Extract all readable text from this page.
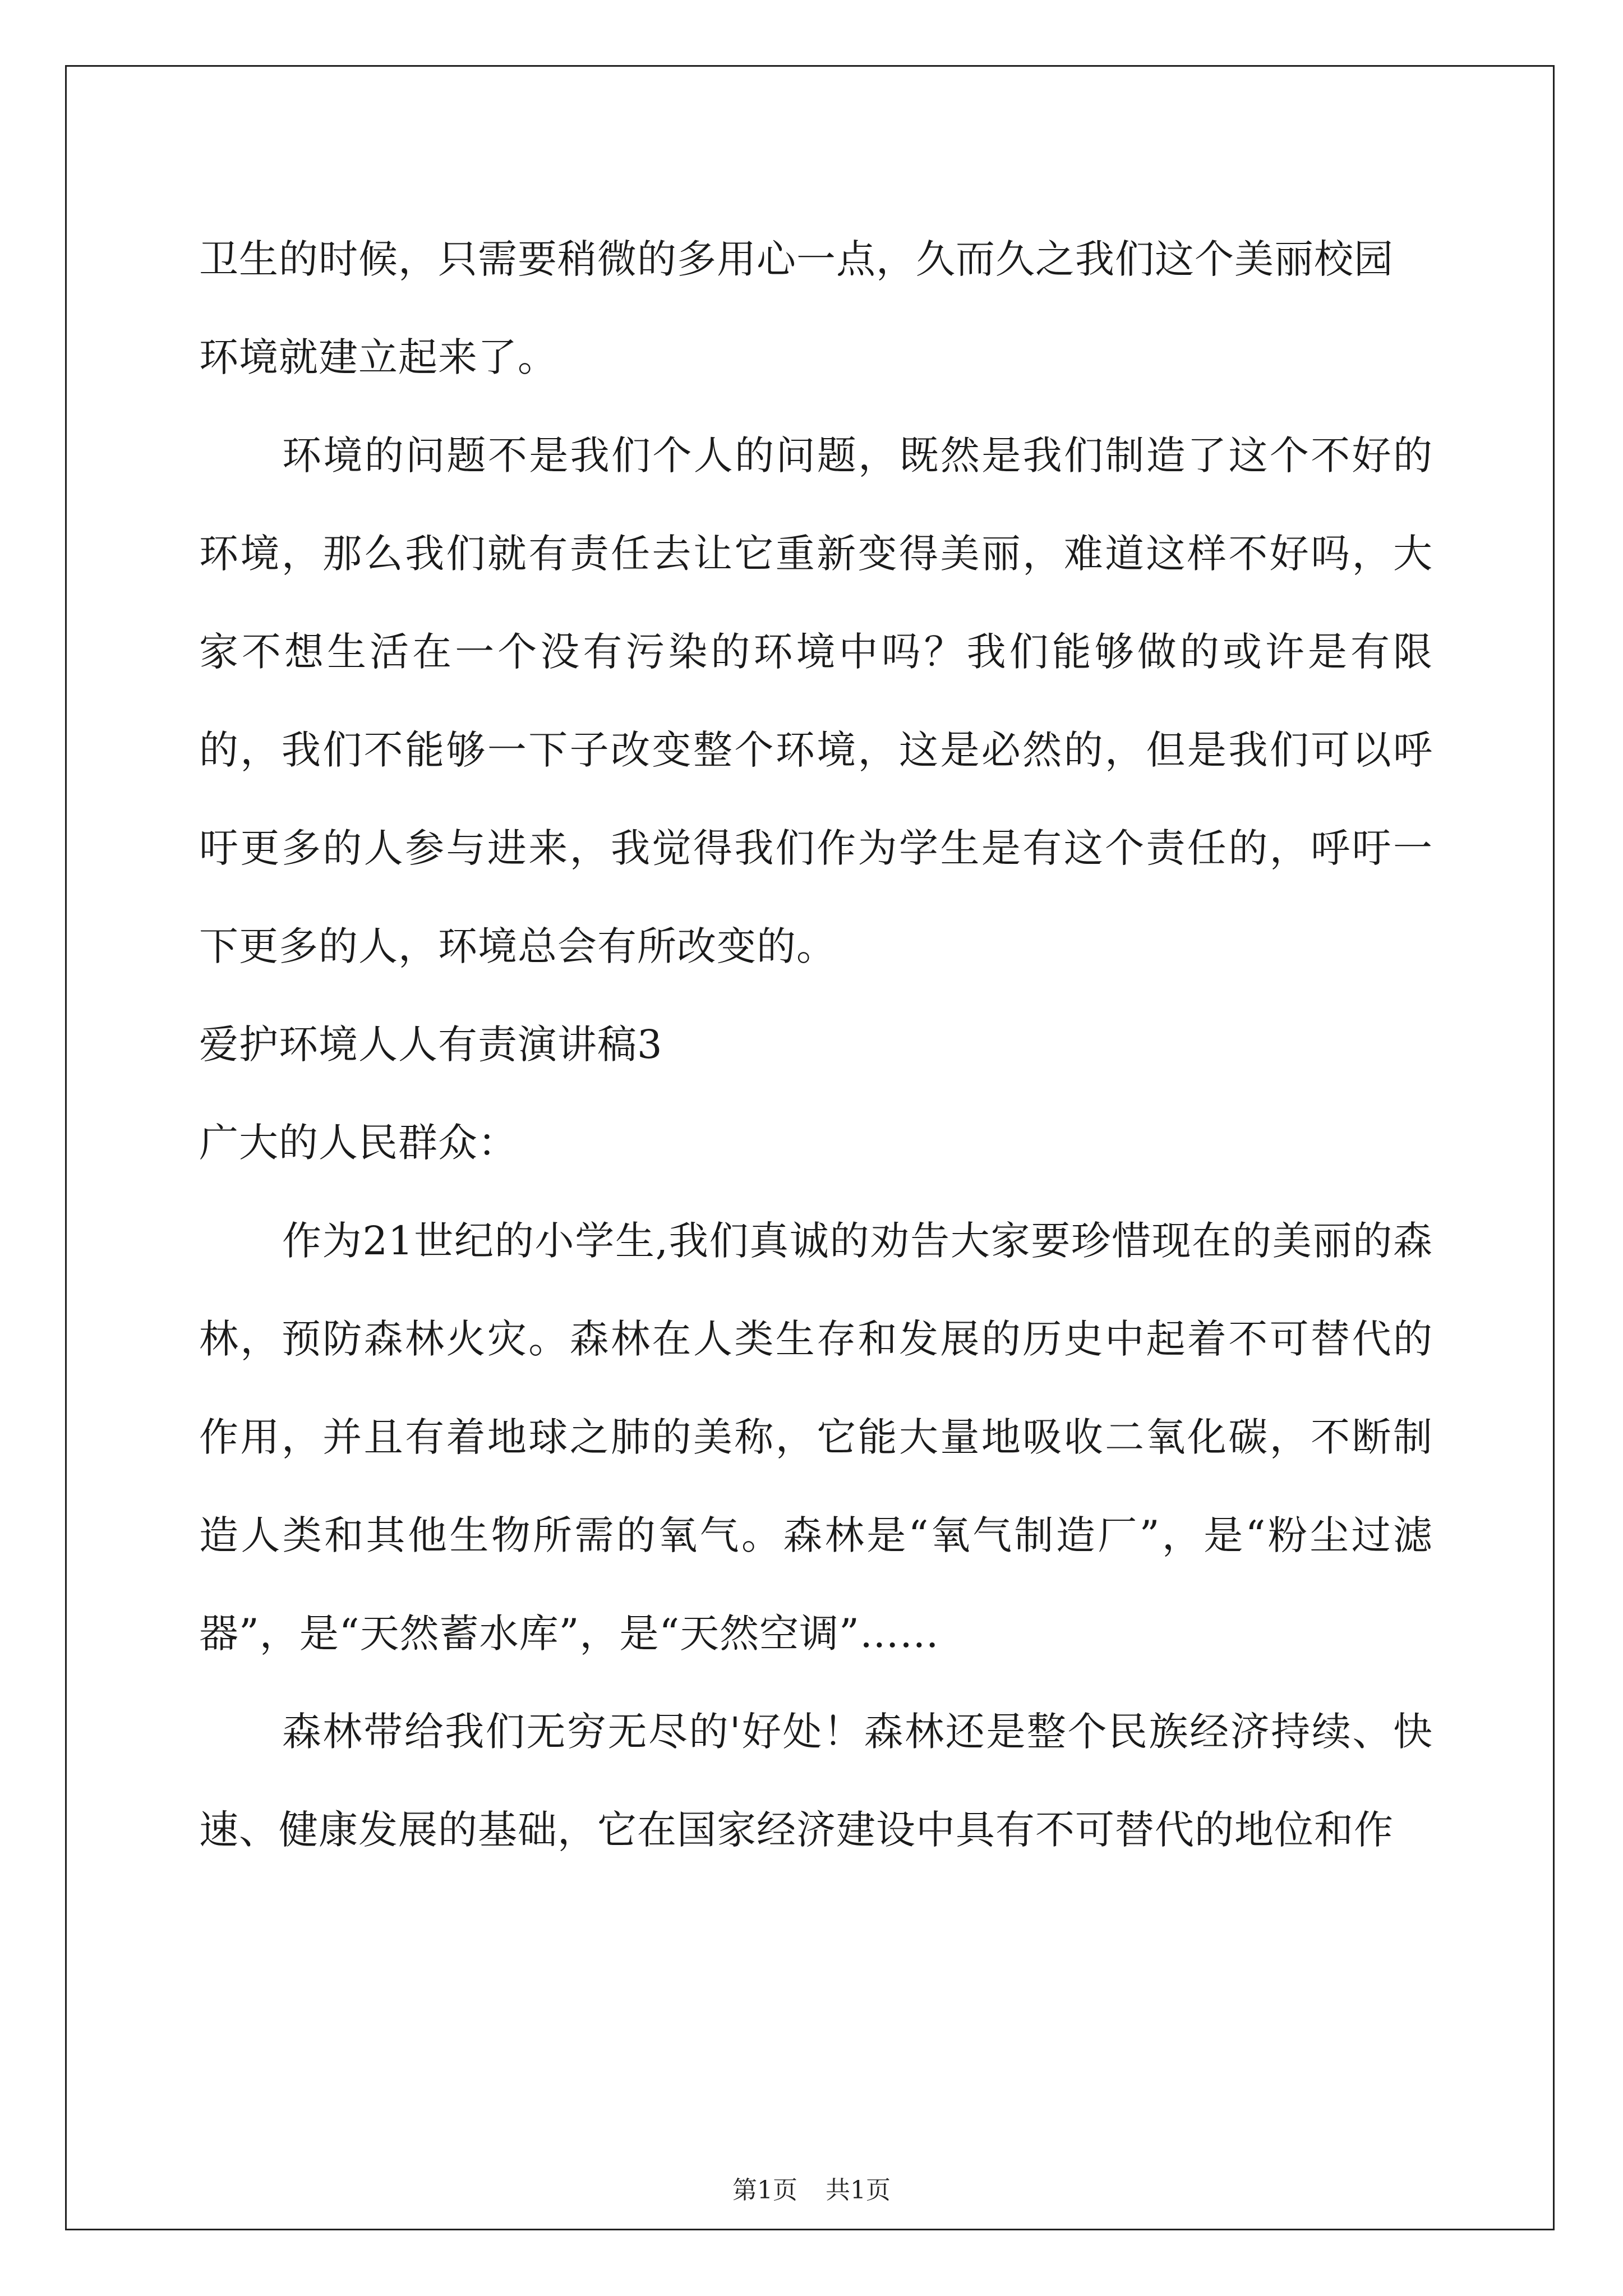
卫生的时候，只需要稍微的多用心一点，久而久之我们这个美丽校园环境就建立起来了。

环境的问题不是我们个人的问题，既然是我们制造了这个不好的环境，那么我们就有责任去让它重新变得美丽，难道这样不好吗，大家不想生活在一个没有污染的环境中吗？我们能够做的或许是有限的，我们不能够一下子改变整个环境，这是必然的，但是我们可以呼吁更多的人参与进来，我觉得我们作为学生是有这个责任的，呼吁一下更多的人，环境总会有所改变的。

爱护环境人人有责演讲稿3

广大的人民群众：

作为21世纪的小学生,我们真诚的劝告大家要珍惜现在的美丽的森林，预防森林火灾。森林在人类生存和发展的历史中起着不可替代的作用，并且有着地球之肺的美称，它能大量地吸收二氧化碳，不断制造人类和其他生物所需的氧气。森林是“氧气制造厂”，是“粉尘过滤器”，是“天然蓄水库”，是“天然空调”……

森林带给我们无穷无尽的'好处！森林还是整个民族经济持续、快速、健康发展的基础，它在国家经济建设中具有不可替代的地位和作

第1页 共1页
